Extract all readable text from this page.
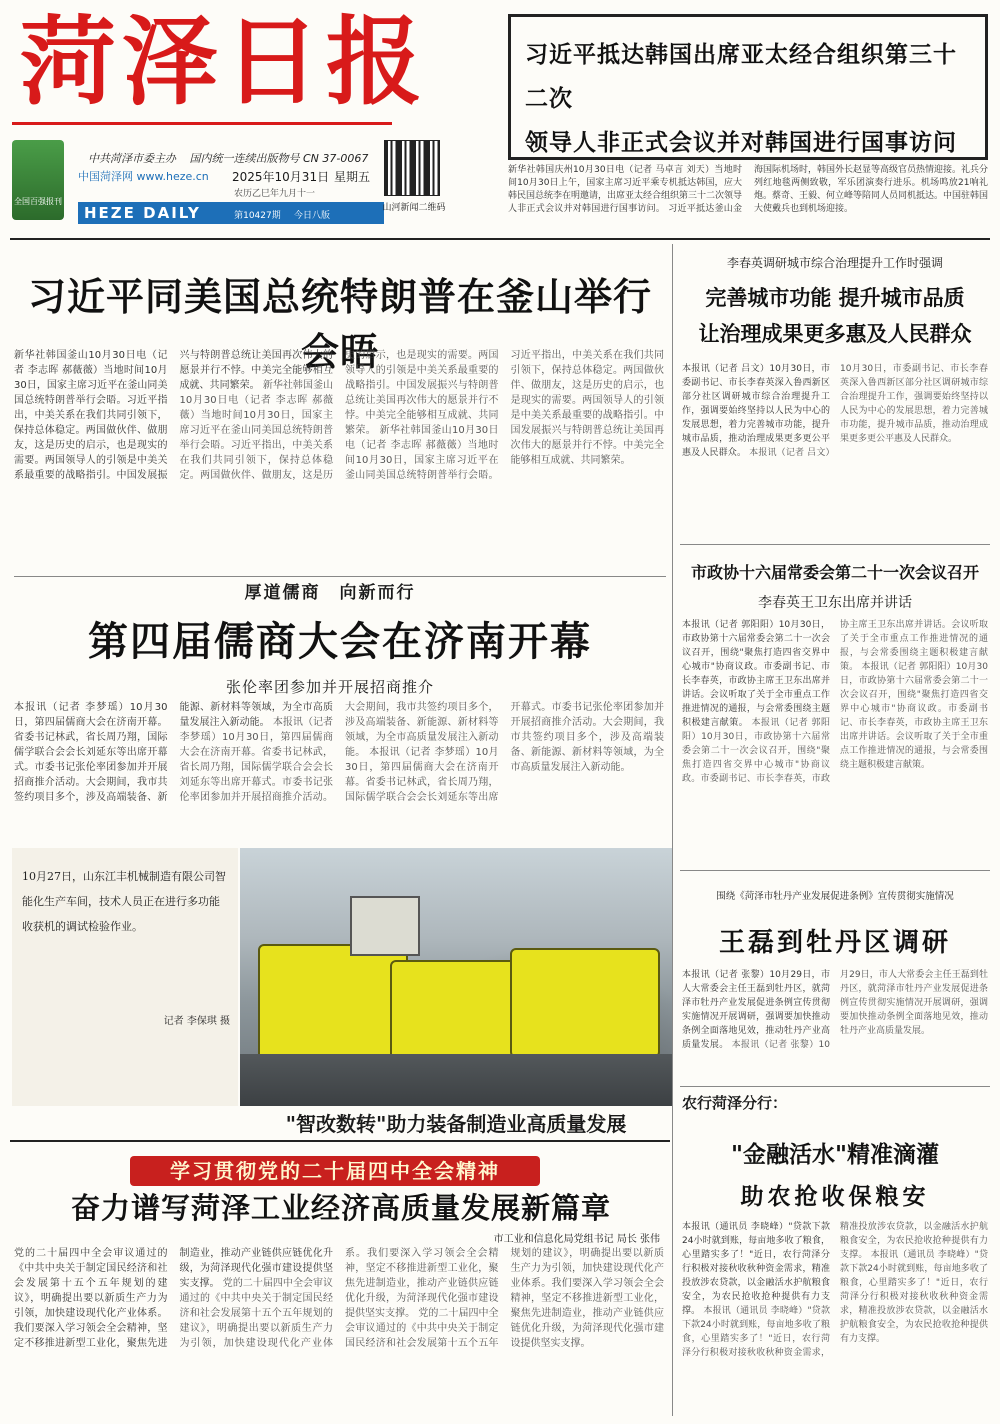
菏泽日报
全国百强报刊
中共菏泽市委主办 国内统一连续出版物号 CN 37-0067
中国菏泽网 www.heze.cn 2025年10月31日 星期五
农历乙巳年九月十一
HEZE DAILY	第10427期 今日八版
山河新闻二维码
习近平抵达韩国出席亚太经合组织第三十二次
领导人非正式会议并对韩国进行国事访问
新华社韩国庆州10月30日电（记者 马卓言 刘天）当地时间10月30日上午，国家主席习近平乘专机抵达韩国，应大韩民国总统李在明邀请，出席亚太经合组织第三十二次领导人非正式会议并对韩国进行国事访问。 习近平抵达釜山金海国际机场时，韩国外长赵显等高级官员热情迎接。礼兵分列红地毯两侧致敬，军乐团演奏行进乐。机场鸣放21响礼炮。蔡奇、王毅、何立峰等陪同人员同机抵达。中国驻韩国大使戴兵也到机场迎接。
习近平同美国总统特朗普在釜山举行会晤
新华社韩国釜山10月30日电（记者 李志晖 郝薇薇）当地时间10月30日，国家主席习近平在釜山同美国总统特朗普举行会晤。习近平指出，中美关系在我们共同引领下，保持总体稳定。两国做伙伴、做朋友，这是历史的启示，也是现实的需要。两国领导人的引领是中美关系最重要的战略指引。中国发展振兴与特朗普总统让美国再次伟大的愿景并行不悖。中美完全能够相互成就、共同繁荣。 新华社韩国釜山10月30日电（记者 李志晖 郝薇薇）当地时间10月30日，国家主席习近平在釜山同美国总统特朗普举行会晤。习近平指出，中美关系在我们共同引领下，保持总体稳定。两国做伙伴、做朋友，这是历史的启示，也是现实的需要。两国领导人的引领是中美关系最重要的战略指引。中国发展振兴与特朗普总统让美国再次伟大的愿景并行不悖。中美完全能够相互成就、共同繁荣。 新华社韩国釜山10月30日电（记者 李志晖 郝薇薇）当地时间10月30日，国家主席习近平在釜山同美国总统特朗普举行会晤。习近平指出，中美关系在我们共同引领下，保持总体稳定。两国做伙伴、做朋友，这是历史的启示，也是现实的需要。两国领导人的引领是中美关系最重要的战略指引。中国发展振兴与特朗普总统让美国再次伟大的愿景并行不悖。中美完全能够相互成就、共同繁荣。
厚道儒商　向新而行
第四届儒商大会在济南开幕
张伦率团参加并开展招商推介
本报讯（记者 李梦瑶）10月30日，第四届儒商大会在济南开幕。省委书记林武，省长周乃翔，国际儒学联合会会长刘延东等出席开幕式。市委书记张伦率团参加并开展招商推介活动。大会期间，我市共签约项目多个，涉及高端装备、新能源、新材料等领域，为全市高质量发展注入新动能。 本报讯（记者 李梦瑶）10月30日，第四届儒商大会在济南开幕。省委书记林武，省长周乃翔，国际儒学联合会会长刘延东等出席开幕式。市委书记张伦率团参加并开展招商推介活动。大会期间，我市共签约项目多个，涉及高端装备、新能源、新材料等领域，为全市高质量发展注入新动能。 本报讯（记者 李梦瑶）10月30日，第四届儒商大会在济南开幕。省委书记林武，省长周乃翔，国际儒学联合会会长刘延东等出席开幕式。市委书记张伦率团参加并开展招商推介活动。大会期间，我市共签约项目多个，涉及高端装备、新能源、新材料等领域，为全市高质量发展注入新动能。
10月27日，山东江丰机械制造有限公司智能化生产车间，技术人员正在进行多功能收获机的调试检验作业。
记者 李保琪 摄
"智改数转"助力装备制造业高质量发展
学习贯彻党的二十届四中全会精神
奋力谱写菏泽工业经济高质量发展新篇章
市工业和信息化局党组书记 局长 张伟
党的二十届四中全会审议通过的《中共中央关于制定国民经济和社会发展第十五个五年规划的建议》，明确提出要以新质生产力为引领，加快建设现代化产业体系。我们要深入学习领会全会精神，坚定不移推进新型工业化，聚焦先进制造业，推动产业链供应链优化升级，为菏泽现代化强市建设提供坚实支撑。 党的二十届四中全会审议通过的《中共中央关于制定国民经济和社会发展第十五个五年规划的建议》，明确提出要以新质生产力为引领，加快建设现代化产业体系。我们要深入学习领会全会精神，坚定不移推进新型工业化，聚焦先进制造业，推动产业链供应链优化升级，为菏泽现代化强市建设提供坚实支撑。 党的二十届四中全会审议通过的《中共中央关于制定国民经济和社会发展第十五个五年规划的建议》，明确提出要以新质生产力为引领，加快建设现代化产业体系。我们要深入学习领会全会精神，坚定不移推进新型工业化，聚焦先进制造业，推动产业链供应链优化升级，为菏泽现代化强市建设提供坚实支撑。
李春英调研城市综合治理提升工作时强调
完善城市功能 提升城市品质
让治理成果更多惠及人民群众
本报讯（记者 吕文）10月30日，市委副书记、市长李春英深入鲁西新区部分社区调研城市综合治理提升工作，强调要始终坚持以人民为中心的发展思想，着力完善城市功能，提升城市品质，推动治理成果更多更公平惠及人民群众。 本报讯（记者 吕文）10月30日，市委副书记、市长李春英深入鲁西新区部分社区调研城市综合治理提升工作，强调要始终坚持以人民为中心的发展思想，着力完善城市功能，提升城市品质，推动治理成果更多更公平惠及人民群众。
市政协十六届常委会第二十一次会议召开
李春英王卫东出席并讲话
本报讯（记者 郭阳阳）10月30日，市政协第十六届常委会第二十一次会议召开，围绕"聚焦打造四省交界中心城市"协商议政。市委副书记、市长李春英，市政协主席王卫东出席并讲话。会议听取了关于全市重点工作推进情况的通报，与会常委围绕主题积极建言献策。 本报讯（记者 郭阳阳）10月30日，市政协第十六届常委会第二十一次会议召开，围绕"聚焦打造四省交界中心城市"协商议政。市委副书记、市长李春英，市政协主席王卫东出席并讲话。会议听取了关于全市重点工作推进情况的通报，与会常委围绕主题积极建言献策。 本报讯（记者 郭阳阳）10月30日，市政协第十六届常委会第二十一次会议召开，围绕"聚焦打造四省交界中心城市"协商议政。市委副书记、市长李春英，市政协主席王卫东出席并讲话。会议听取了关于全市重点工作推进情况的通报，与会常委围绕主题积极建言献策。
围绕《菏泽市牡丹产业发展促进条例》宣传贯彻实施情况
王磊到牡丹区调研
本报讯（记者 张黎）10月29日，市人大常委会主任王磊到牡丹区，就菏泽市牡丹产业发展促进条例宣传贯彻实施情况开展调研，强调要加快推动条例全面落地见效，推动牡丹产业高质量发展。 本报讯（记者 张黎）10月29日，市人大常委会主任王磊到牡丹区，就菏泽市牡丹产业发展促进条例宣传贯彻实施情况开展调研，强调要加快推动条例全面落地见效，推动牡丹产业高质量发展。
农行菏泽分行：
"金融活水"精准滴灌
助农抢收保粮安
本报讯（通讯员 李晓峰）"贷款下款24小时就到账，每亩地多收了粮食，心里踏实多了！"近日，农行菏泽分行积极对接秋收秋种资金需求，精准投放涉农贷款，以金融活水护航粮食安全，为农民抢收抢种提供有力支撑。 本报讯（通讯员 李晓峰）"贷款下款24小时就到账，每亩地多收了粮食，心里踏实多了！"近日，农行菏泽分行积极对接秋收秋种资金需求，精准投放涉农贷款，以金融活水护航粮食安全，为农民抢收抢种提供有力支撑。 本报讯（通讯员 李晓峰）"贷款下款24小时就到账，每亩地多收了粮食，心里踏实多了！"近日，农行菏泽分行积极对接秋收秋种资金需求，精准投放涉农贷款，以金融活水护航粮食安全，为农民抢收抢种提供有力支撑。
